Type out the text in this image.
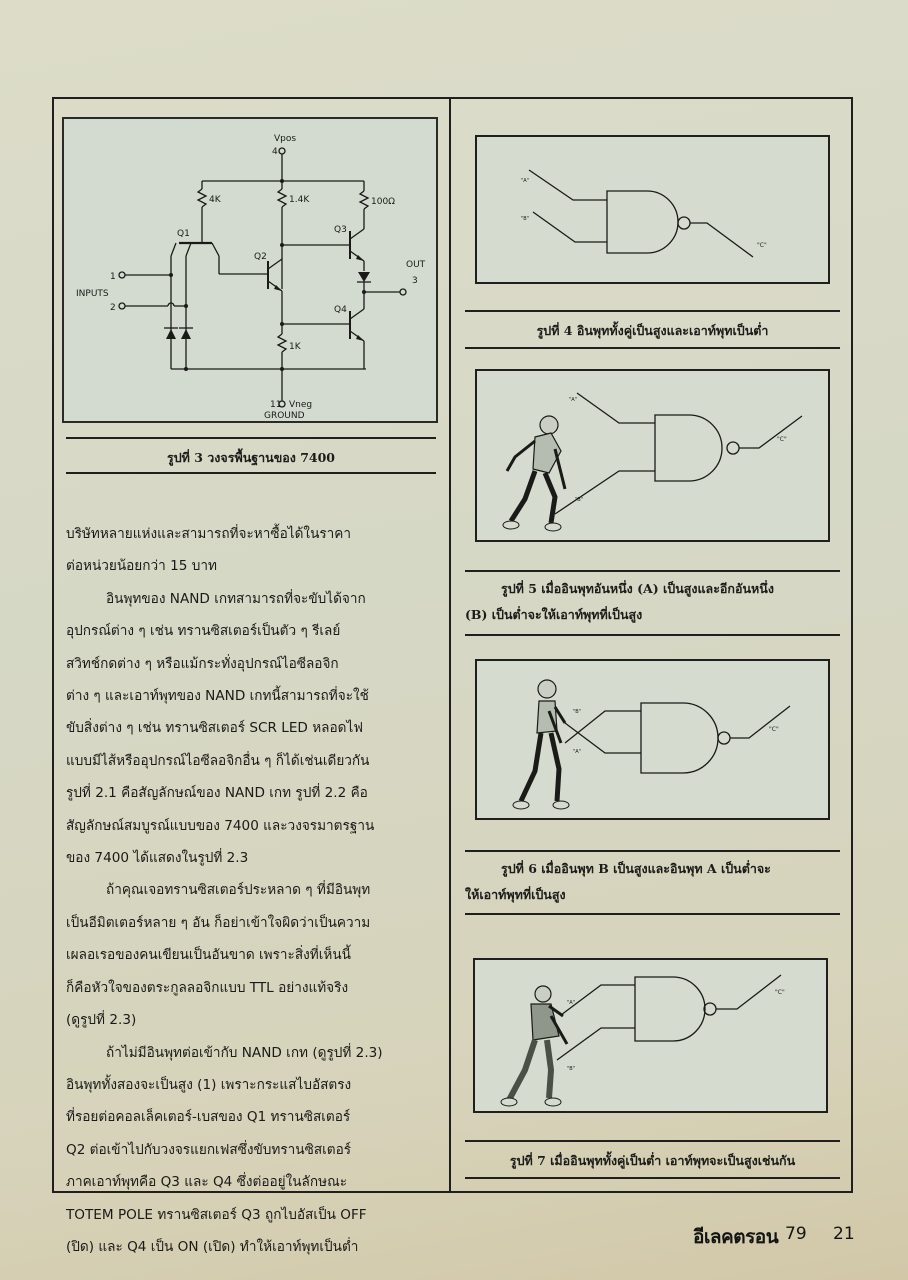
Vpos
4
4K	1.4K	100Ω
1K
Q1
Q2
Q3
Q4
1
INPUTS
2
OUT
3
11 Vneg
GROUND
รูปที่ 3 วงจรพื้นฐานของ 7400

บริษัทหลายแห่งและสามารถที่จะหาซื้อได้ในราคา
ต่อหน่วยน้อยกว่า 15 บาท

อินพุทของ NAND เกทสามารถที่จะขับได้จาก
อุปกรณ์ต่าง ๆ เช่น ทรานซิสเตอร์เป็นตัว ๆ รีเลย์
สวิทช์กดต่าง ๆ หรือแม้กระทั่งอุปกรณ์ไอซีลอจิก
ต่าง ๆ และเอาท์พุทของ NAND เกทนี้สามารถที่จะใช้
ขับสิ่งต่าง ๆ เช่น ทรานซิสเตอร์ SCR LED หลอดไฟ
แบบมีไส้หรืออุปกรณ์ไอซีลอจิกอื่น ๆ ก็ได้เช่นเดียวกัน
รูปที่ 2.1 คือสัญลักษณ์ของ NAND เกท รูปที่ 2.2 คือ
สัญลักษณ์สมบูรณ์แบบของ 7400 และวงจรมาตรฐาน
ของ 7400 ได้แสดงในรูปที่ 2.3

ถ้าคุณเจอทรานซิสเตอร์ประหลาด ๆ ที่มีอินพุท
เป็นอีมิตเตอร์หลาย ๆ อัน ก็อย่าเข้าใจผิดว่าเป็นความ
เผลอเรอของคนเขียนเป็นอันขาด เพราะสิ่งที่เห็นนี้
ก็คือหัวใจของตระกูลลอจิกแบบ TTL อย่างแท้จริง
(ดูรูปที่ 2.3)

ถ้าไม่มีอินพุทต่อเข้ากับ NAND เกท (ดูรูปที่ 2.3)
อินพุททั้งสองจะเป็นสูง (1) เพราะกระแสไบอัสตรง
ที่รอยต่อคอลเล็คเตอร์-เบสของ Q1 ทรานซิสเตอร์
Q2 ต่อเข้าไปกับวงจรแยกเฟสซึ่งขับทรานซิสเตอร์
ภาคเอาท์พุทคือ Q3 และ Q4 ซึ่งต่ออยู่ในลักษณะ
TOTEM POLE ทรานซิสเตอร์ Q3 ถูกไบอัสเป็น OFF
(ปิด) และ Q4 เป็น ON (เปิด) ทำให้เอาท์พุทเป็นต่ำ

"A"
"B"
"C"
รูปที่ 4 อินพุททั้งคู่เป็นสูงและเอาท์พุทเป็นต่ำ
"A"
"B"
"C"
รูปที่ 5 เมื่ออินพุทอันหนึ่ง (A) เป็นสูงและอีกอันหนึ่ง
(B) เป็นต่ำจะให้เอาท์พุทที่เป็นสูง
"B"
"A"
"C"
รูปที่ 6 เมื่ออินพุท B เป็นสูงและอินพุท A เป็นต่ำจะ
ให้เอาท์พุทที่เป็นสูง
"A"
"B"
"C"
รูปที่ 7 เมื่ออินพุททั้งคู่เป็นต่ำ เอาท์พุทจะเป็นสูงเช่นกัน
อีเลคตรอน 79 21
